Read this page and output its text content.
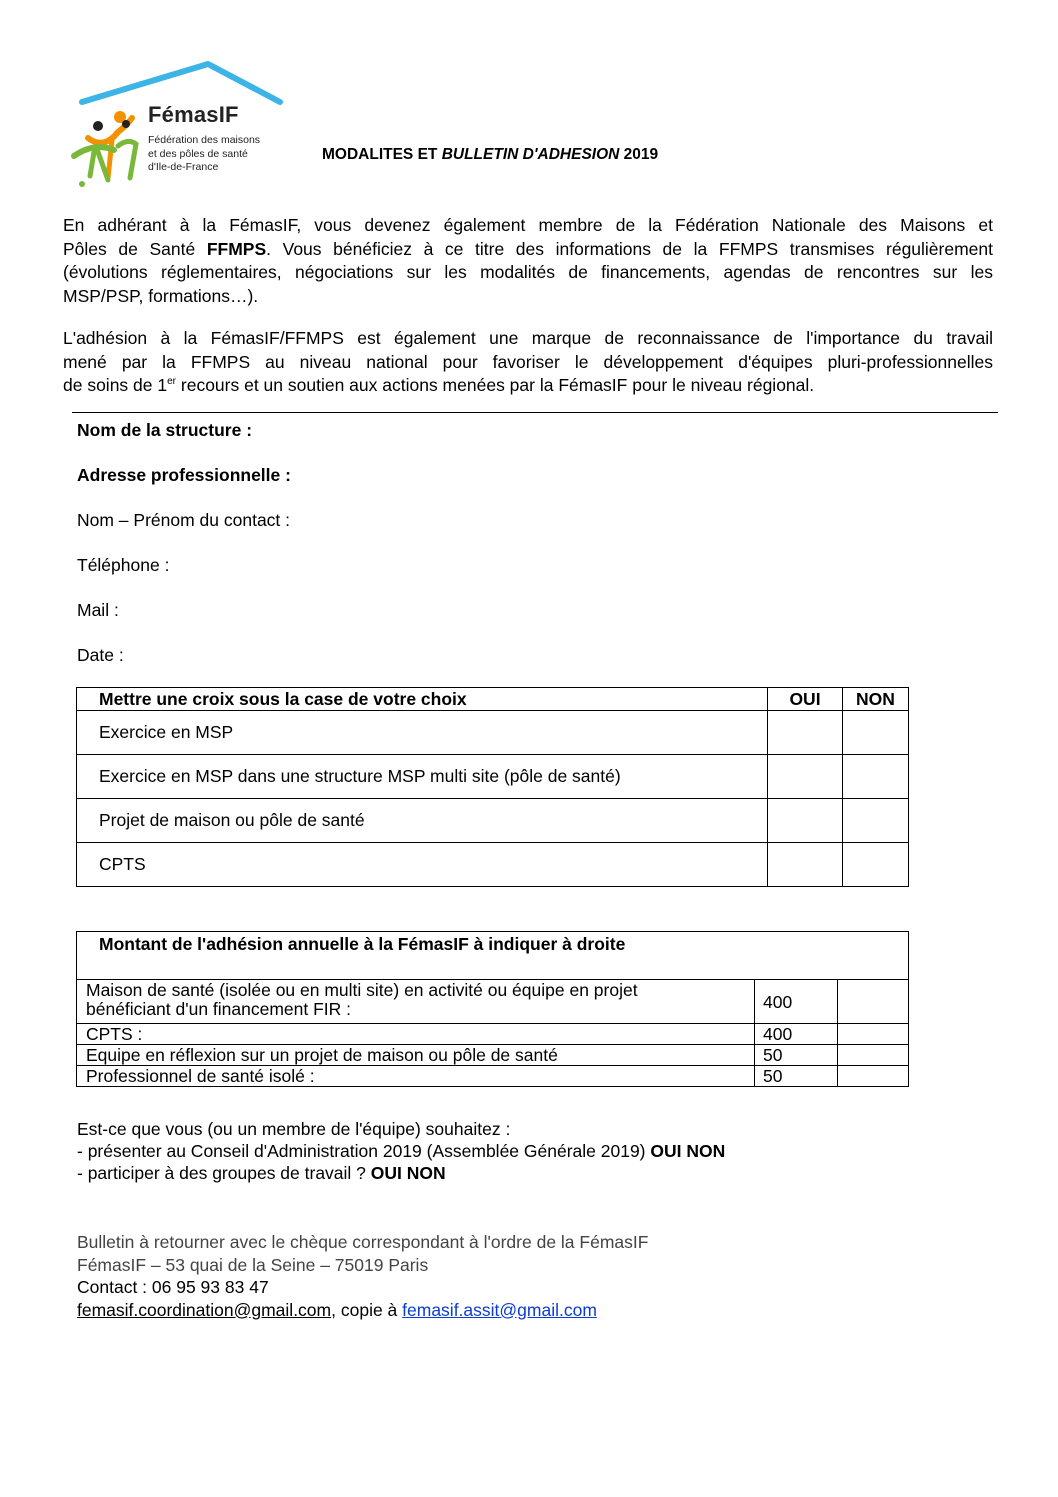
FémasIF
Fédération des maisons
et des pôles de santé
d'Ile-de-France
MODALITES ET BULLETIN D'ADHESION 2019
En adhérant à la FémasIF, vous devenez également membre de la Fédération Nationale des Maisons et
Pôles de Santé FFMPS. Vous bénéficiez à ce titre des informations de la FFMPS transmises régulièrement
(évolutions réglementaires, négociations sur les modalités de financements, agendas de rencontres sur les
MSP/PSP, formations…).
L'adhésion à la FémasIF/FFMPS est également une marque de reconnaissance de l'importance du travail
mené par la FFMPS au niveau national pour favoriser le développement d'équipes pluri-professionnelles
de soins de 1er recours et un soutien aux actions menées par la FémasIF pour le niveau régional.
Nom de la structure :
Adresse professionnelle :
Nom – Prénom du contact :
Téléphone :
Mail :
Date :
Mettre une croix sous la case de votre choix	OUI	NON
Exercice en MSP		
Exercice en MSP dans une structure MSP multi site (pôle de santé)		
Projet de maison ou pôle de santé		
CPTS		
Montant de l'adhésion annuelle à la FémasIF à indiquer à droite		
Maison de santé (isolée ou en multi site) en activité ou équipe en projet
bénéficiant d'un financement FIR :	400	
CPTS :	400	
Equipe en réflexion sur un projet de maison ou pôle de santé	50	
Professionnel de santé isolé :	50	
Est-ce que vous (ou un membre de l'équipe) souhaitez :
- présenter au Conseil d'Administration 2019 (Assemblée Générale 2019) OUI NON
- participer à des groupes de travail ? OUI NON
Bulletin à retourner avec le chèque correspondant à l'ordre de la FémasIF
FémasIF – 53 quai de la Seine – 75019 Paris
Contact : 06 95 93 83 47
femasif.coordination@gmail.com, copie à femasif.assit@gmail.com
